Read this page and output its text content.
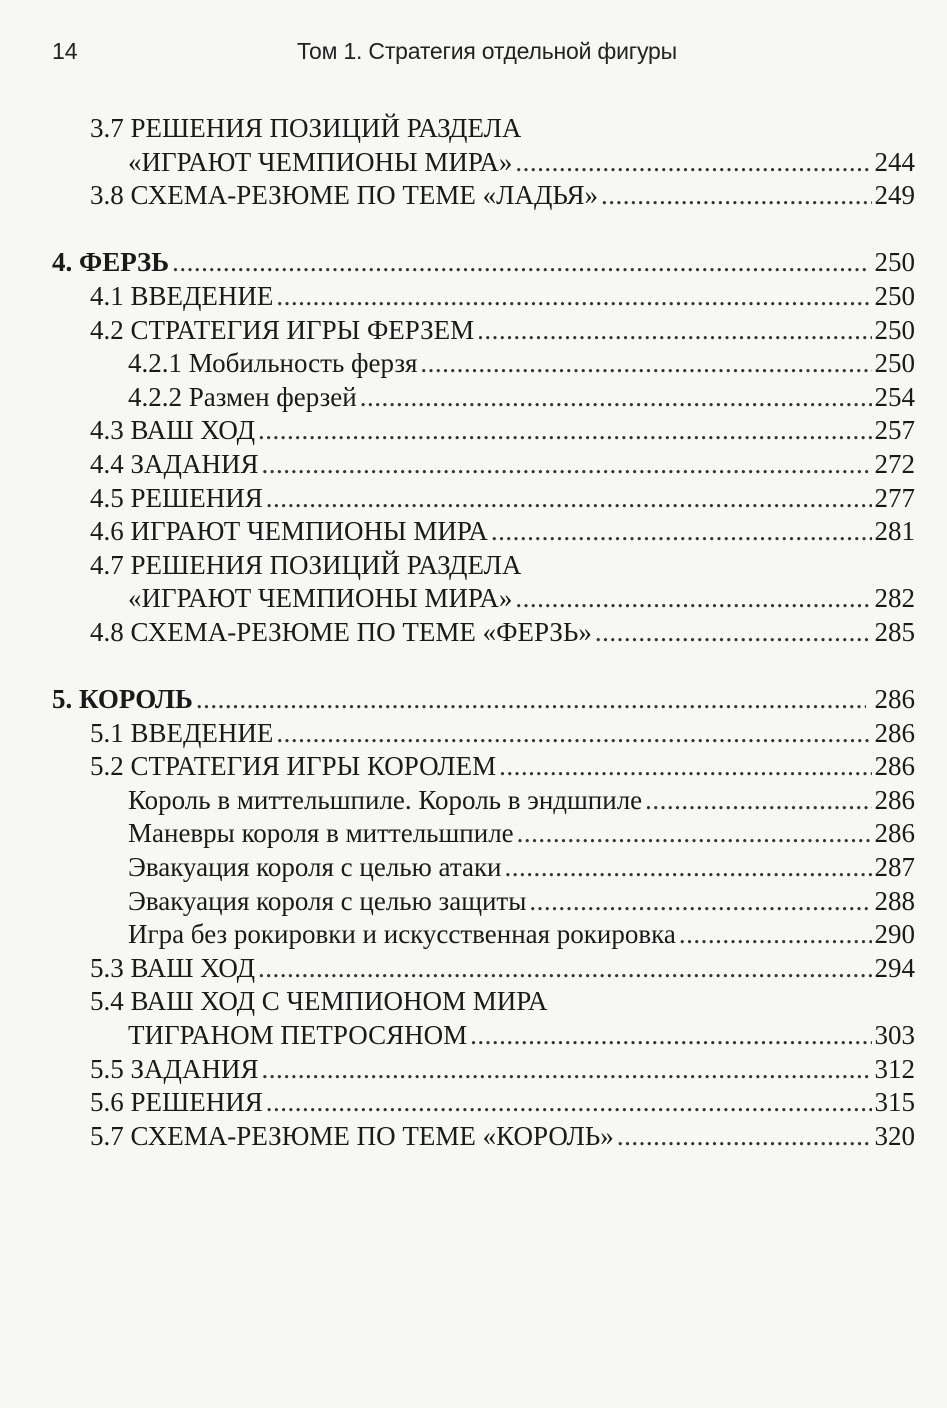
14	Том 1. Стратегия отдельной фигуры
3.7 РЕШЕНИЯ ПОЗИЦИЙ РАЗДЕЛА
«ИГРАЮТ ЧЕМПИОНЫ МИРА» .....	244
3.8 СХЕМА-РЕЗЮМЕ ПО ТЕМЕ «ЛАДЬЯ» .....	249
4. ФЕРЗЬ .....	250
4.1 ВВЕДЕНИЕ .....	250
4.2 СТРАТЕГИЯ ИГРЫ ФЕРЗЕМ .....	250
4.2.1 Мобильность ферзя .....	250
4.2.2 Размен ферзей .....	254
4.3 ВАШ ХОД .....	257
4.4 ЗАДАНИЯ .....	272
4.5 РЕШЕНИЯ .....	277
4.6 ИГРАЮТ ЧЕМПИОНЫ МИРА .....	281
4.7 РЕШЕНИЯ ПОЗИЦИЙ РАЗДЕЛА
«ИГРАЮТ ЧЕМПИОНЫ МИРА» .....	282
4.8 СХЕМА-РЕЗЮМЕ ПО ТЕМЕ «ФЕРЗЬ» .....	285
5. КОРОЛЬ .....	286
5.1 ВВЕДЕНИЕ .....	286
5.2 СТРАТЕГИЯ ИГРЫ КОРОЛЕМ .....	286
Король в миттельшпиле. Король в эндшпиле .....	286
Маневры короля в миттельшпиле .....	286
Эвакуация короля с целью атаки .....	287
Эвакуация короля с целью защиты .....	288
Игра без рокировки и искусственная рокировка .....	290
5.3 ВАШ ХОД .....	294
5.4 ВАШ ХОД С ЧЕМПИОНОМ МИРА
ТИГРАНОМ ПЕТРОСЯНОМ .....	303
5.5 ЗАДАНИЯ .....	312
5.6 РЕШЕНИЯ .....	315
5.7 СХЕМА-РЕЗЮМЕ ПО ТЕМЕ «КОРОЛЬ» .....	320
